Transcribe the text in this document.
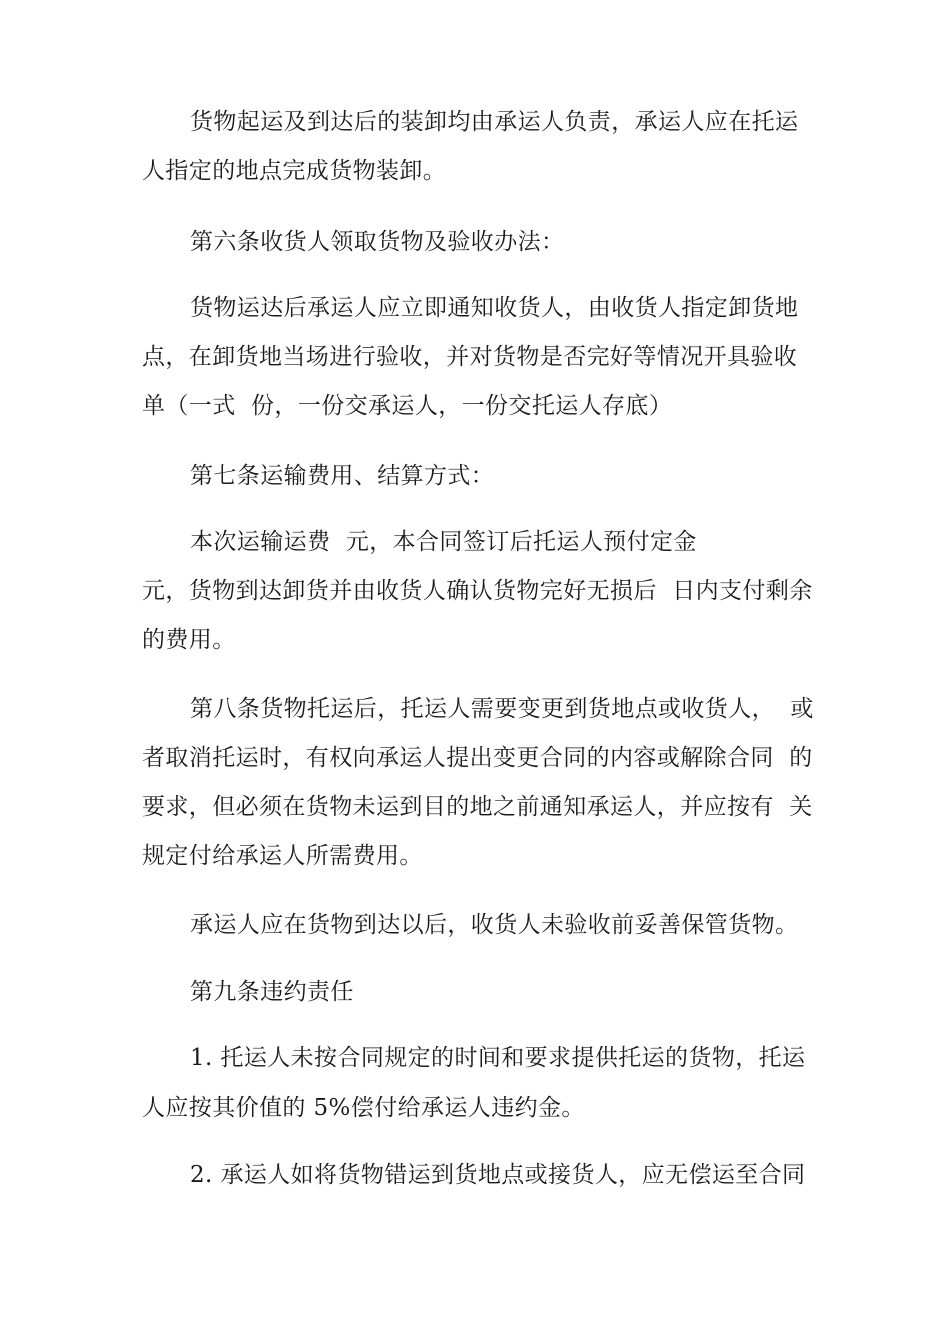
货物起运及到达后的装卸均由承运人负责，承运人应在托运
人指定的地点完成货物装卸。
第六条收货人领取货物及验收办法：
货物运达后承运人应立即通知收货人，由收货人指定卸货地
点，在卸货地当场进行验收，并对货物是否完好等情况开具验收
单（一式  份，一份交承运人，一份交托运人存底）
第七条运输费用、结算方式：
本次运输运费  元，本合同签订后托运人预付定金
元，货物到达卸货并由收货人确认货物完好无损后  日内支付剩余
的费用。
第八条货物托运后，托运人需要变更到货地点或收货人，  或
者取消托运时，有权向承运人提出变更合同的内容或解除合同  的
要求，但必须在货物未运到目的地之前通知承运人，并应按有  关
规定付给承运人所需费用。
承运人应在货物到达以后，收货人未验收前妥善保管货物。
第九条违约责任
1. 托运人未按合同规定的时间和要求提供托运的货物，托运
人应按其价值的 5%偿付给承运人违约金。
2. 承运人如将货物错运到货地点或接货人，应无偿运至合同
